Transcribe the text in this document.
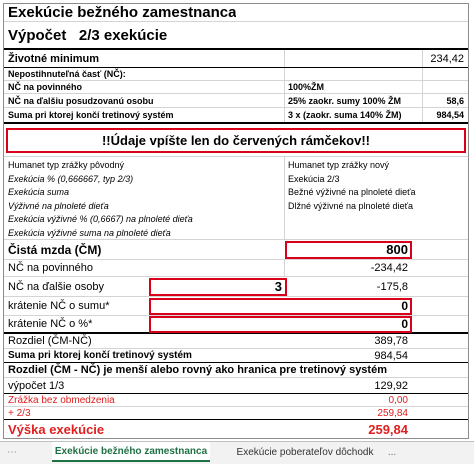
Exekúcie bežného zamestnanca
Výpočet   2/3 exekúcie
Životné minimum	234,42
Nepostihnuteľná časť (NČ):
NČ na povinného	100%ŽM
NČ na ďalšiu posudzovanú osobu	25% zaokr. sumy 100% ŽM	58,6
Suma pri ktorej končí tretinový systém	3 x (zaokr. suma 140% ŽM)	984,54
!!Údaje vpíšte len do červených rámčekov!!
Humanet typ zrážky pôvodný
Exekúcia % (0,666667, typ 2/3)
Exekúcia suma
Výživné na plnoleté dieťa
Exekúcia výživné % (0,6667) na plnoleté dieťa
Exekúcia výživné suma na plnoleté dieťa
Humanet typ zrážky nový
Exekúcia 2/3
Bežné výživné na plnoleté dieťa
Dlžné výživné na plnoleté dieťa
Čistá mzda (ČM)	800
NČ na povinného	-234,42
NČ na ďalšie osoby	3	-175,8
krátenie NČ o sumu*	0
krátenie NČ o %*	0
Rozdiel (ČM-NČ)	389,78
Suma pri ktorej končí tretinový systém	984,54
Rozdiel (ČM - NČ) je menší alebo rovný ako hranica pre tretinový systém
výpočet 1/3	129,92
Zrážka bez obmedzenia	0,00
+ 2/3	259,84
Výška exekúcie	259,84
⋯	Exekúcie bežného zamestnanca	Exekúcie poberateľov dôchodk	...
